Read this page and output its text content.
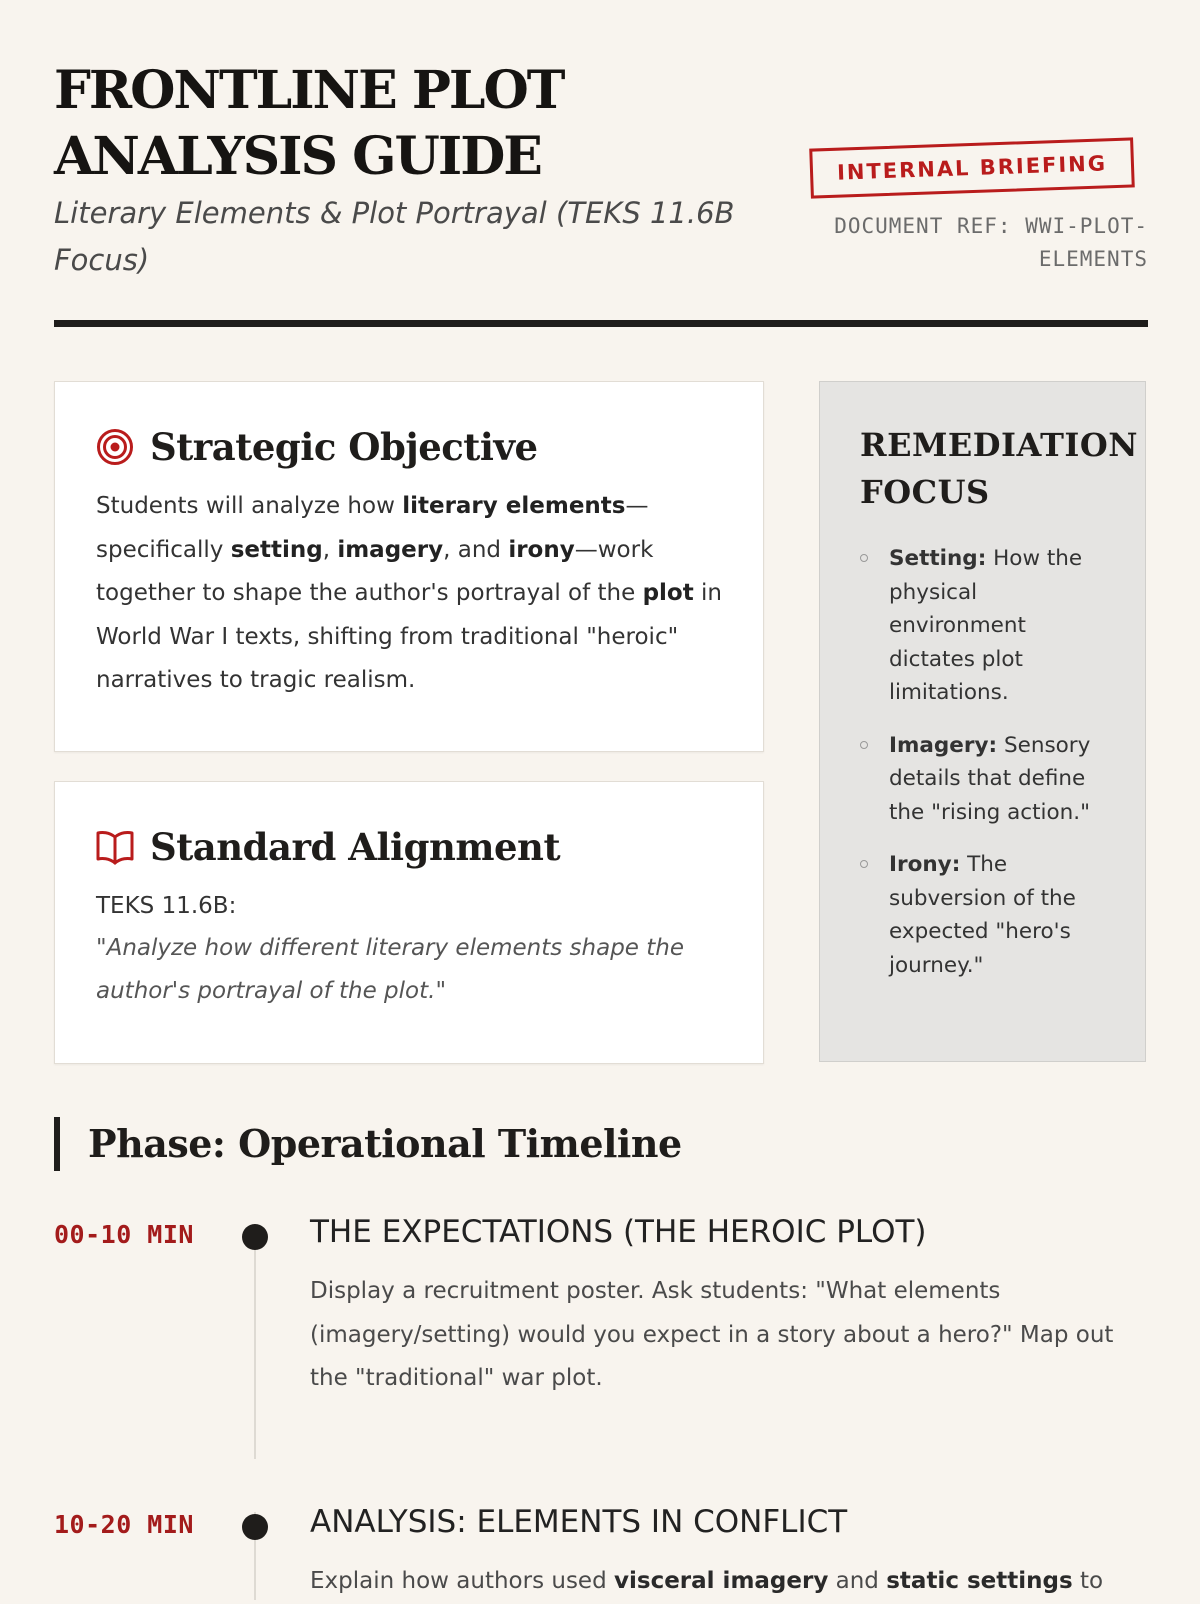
FRONTLINE PLOT
ANALYSIS GUIDE
Literary Elements & Plot Portrayal (TEKS 11.6B Focus)
INTERNAL BRIEFING
DOCUMENT REF: WWI-PLOT-
ELEMENTS
Strategic Objective

Students will analyze how literary elements—specifically setting, imagery, and irony—work together to shape the author's portrayal of the plot in World War I texts, shifting from traditional "heroic" narratives to tragic realism.

Standard Alignment
TEKS 11.6B:
"Analyze how different literary elements shape the author's portrayal of the plot."
REMEDIATION FOCUS
Setting: How the physical environment dictates plot limitations.
Imagery: Sensory details that define the "rising action."
Irony: The subversion of the expected "hero's journey."
Phase: Operational Timeline
00-10 MIN	THE EXPECTATIONS (THE HEROIC PLOT)

Display a recruitment poster. Ask students: "What elements (imagery/setting) would you expect in a story about a hero?" Map out the "traditional" war plot.

10-20 MIN	ANALYSIS: ELEMENTS IN CONFLICT

Explain how authors used visceral imagery and static settings to
